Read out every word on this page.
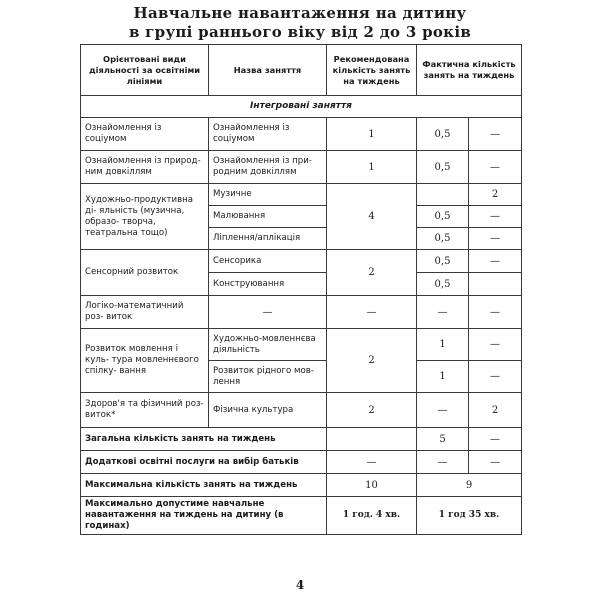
Навчальне навантаження на дитину
в групі раннього віку від 2 до 3 років
Орієнтовані види діяльності за освітніми лініями	Назва заняття	Рекомендована кількість занять на тиждень	Фактична кількість занять на тиждень	
Інтегровані заняття				
Ознайомлення із соціумом	Ознайомлення із соціумом	1	0,5	—
Ознайомлення із природ- ним довкіллям	Ознайомлення із при- родним довкіллям	1	0,5	—
Художньо-продуктивна ді- яльність (музична, образо- творча, театральна тощо)	Музичне	4		2
	Малювання		0,5	—
	Ліплення/аплікація		0,5	—
Сенсорний розвиток	Сенсорика	2	0,5	—
	Конструювання		0,5	
Логіко-математичний роз- виток	—	—	—	—
Розвиток мовлення і куль- тура мовленнєвого спілку- вання	Художньо-мовленнєва діяльність	2	1	—
	Розвиток рідного мов- лення		1	—
Здоров'я та фізичний роз- виток*	Фізична культура	2	—	2
Загальна кількість занять на тиждень			5	—
Додаткові освітні послуги на вибір батьків		—	—	—
Максимальна кількість занять на тиждень		10	9	
Максимально допустиме навчальне навантаження на тиждень на дитину (в годинах)		1 год. 4 хв.	1 год 35 хв.	
4
